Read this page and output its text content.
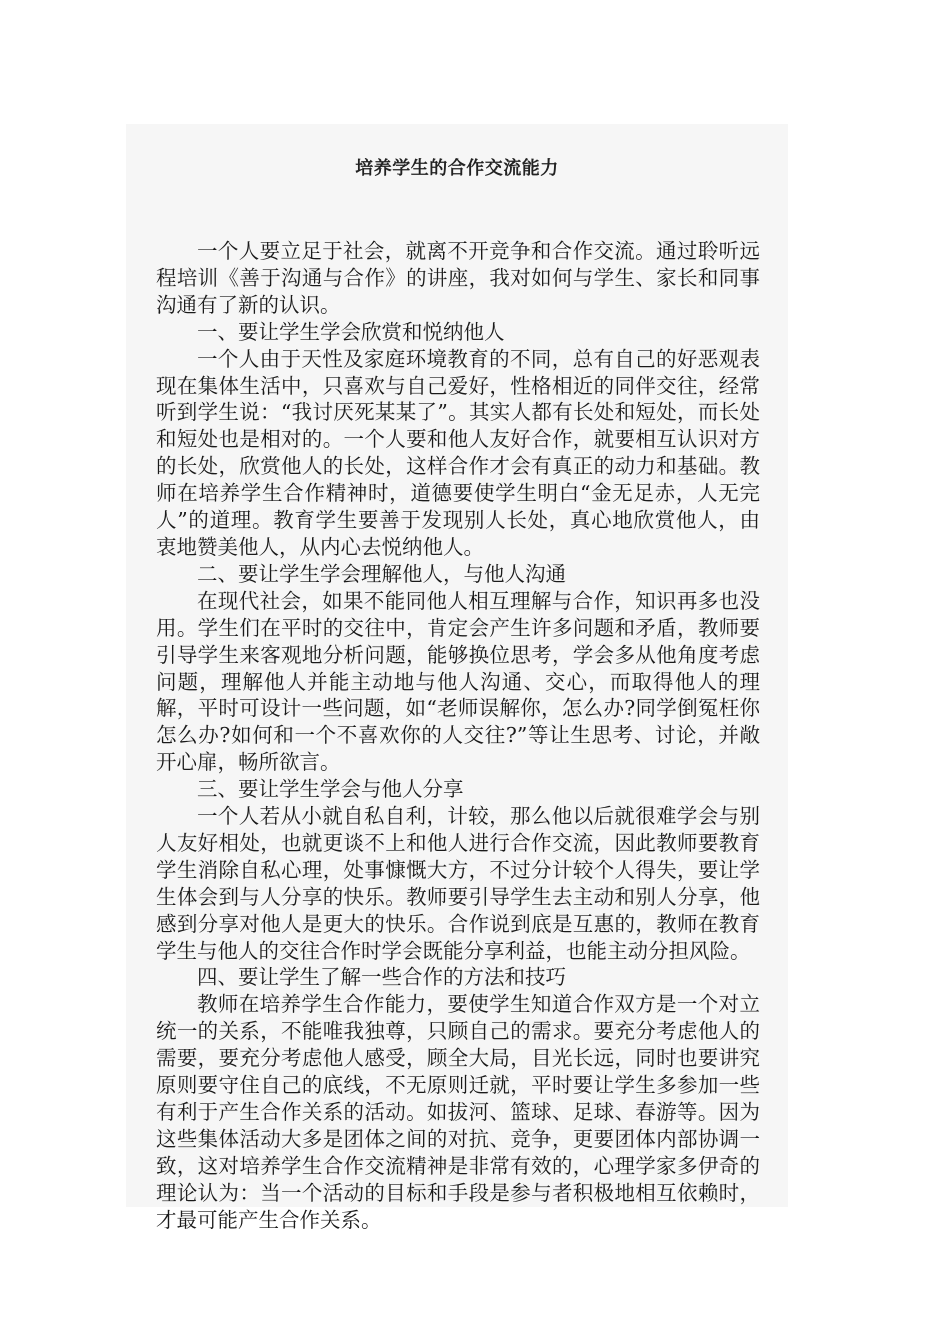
培养学生的合作交流能力

一个人要立足于社会，就离不开竞争和合作交流。通过聆听远程培训《善于沟通与合作》的讲座，我对如何与学生、家长和同事沟通有了新的认识。

一、要让学生学会欣赏和悦纳他人

一个人由于天性及家庭环境教育的不同，总有自己的好恶观表现在集体生活中，只喜欢与自己爱好，性格相近的同伴交往，经常听到学生说：“我讨厌死某某了”。其实人都有长处和短处，而长处和短处也是相对的。一个人要和他人友好合作，就要相互认识对方的长处，欣赏他人的长处，这样合作才会有真正的动力和基础。教师在培养学生合作精神时，道德要使学生明白“金无足赤，人无完人”的道理。教育学生要善于发现别人长处，真心地欣赏他人，由衷地赞美他人，从内心去悦纳他人。

二、要让学生学会理解他人，与他人沟通

在现代社会，如果不能同他人相互理解与合作，知识再多也没用。学生们在平时的交往中，肯定会产生许多问题和矛盾，教师要引导学生来客观地分析问题，能够换位思考，学会多从他角度考虑问题，理解他人并能主动地与他人沟通、交心，而取得他人的理解，平时可设计一些问题，如“老师误解你，怎么办?同学倒冤枉你怎么办?如何和一个不喜欢你的人交往?”等让生思考、讨论，并敞开心扉，畅所欲言。

三、要让学生学会与他人分享

一个人若从小就自私自利，计较，那么他以后就很难学会与别人友好相处，也就更谈不上和他人进行合作交流，因此教师要教育学生消除自私心理，处事慷慨大方，不过分计较个人得失，要让学生体会到与人分享的快乐。教师要引导学生去主动和别人分享，他感到分享对他人是更大的快乐。合作说到底是互惠的，教师在教育学生与他人的交往合作时学会既能分享利益，也能主动分担风险。

四、要让学生了解一些合作的方法和技巧

教师在培养学生合作能力，要使学生知道合作双方是一个对立统一的关系，不能唯我独尊，只顾自己的需求。要充分考虑他人的需要，要充分考虑他人感受，顾全大局，目光长远，同时也要讲究原则要守住自己的底线，不无原则迁就，平时要让学生多参加一些有利于产生合作关系的活动。如拔河、篮球、足球、春游等。因为这些集体活动大多是团体之间的对抗、竞争，更要团体内部协调一致，这对培养学生合作交流精神是非常有效的，心理学家多伊奇的理论认为：当一个活动的目标和手段是参与者积极地相互依赖时，才最可能产生合作关系。
